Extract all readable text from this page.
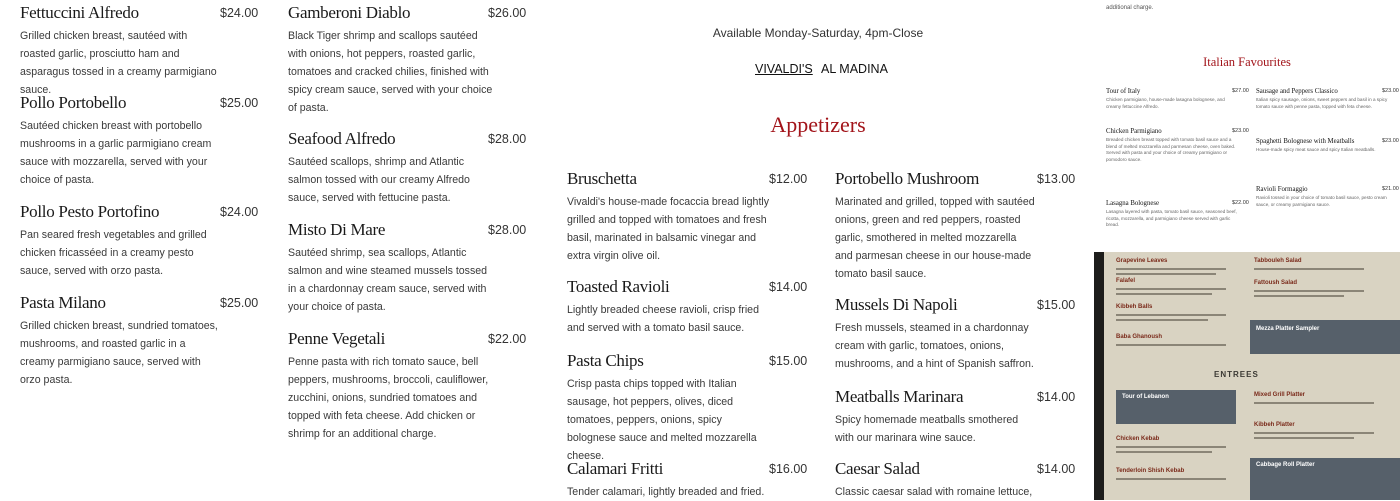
Available Monday-Saturday, 4pm-Close
VIVALDI'S AL MADINA
Appetizers
Fettuccini Alfredo	$24.00
Grilled chicken breast, sautéed with roasted garlic, prosciutto ham and asparagus tossed in a creamy parmigiano sauce.
Pollo Portobello	$25.00
Sautéed chicken breast with portobello mushrooms in a garlic parmigiano cream sauce with mozzarella, served with your choice of pasta.
Pollo Pesto Portofino	$24.00
Pan seared fresh vegetables and grilled chicken fricasséed in a creamy pesto sauce, served with orzo pasta.
Pasta Milano	$25.00
Grilled chicken breast, sundried tomatoes, mushrooms, and roasted garlic in a creamy parmigiano sauce, served with orzo pasta.
Gamberoni Diablo	$26.00
Black Tiger shrimp and scallops sautéed with onions, hot peppers, roasted garlic, tomatoes and cracked chilies, finished with spicy cream sauce, served with your choice of pasta.
Seafood Alfredo	$28.00
Sautéed scallops, shrimp and Atlantic salmon tossed with our creamy Alfredo sauce, served with fettucine pasta.
Misto Di Mare	$28.00
Sautéed shrimp, sea scallops, Atlantic salmon and wine steamed mussels tossed in a chardonnay cream sauce, served with your choice of pasta.
Penne Vegetali	$22.00
Penne pasta with rich tomato sauce, bell peppers, mushrooms, broccoli, cauliflower, zucchini, onions, sundried tomatoes and topped with feta cheese. Add chicken or shrimp for an additional charge.
Bruschetta	$12.00
Vivaldi's house-made focaccia bread lightly grilled and topped with tomatoes and fresh basil, marinated in balsamic vinegar and extra virgin olive oil.
Toasted Ravioli	$14.00
Lightly breaded cheese ravioli, crisp fried and served with a tomato basil sauce.
Pasta Chips	$15.00
Crisp pasta chips topped with Italian sausage, hot peppers, olives, diced tomatoes, peppers, onions, spicy bolognese sauce and melted mozzarella cheese.
Calamari Fritti	$16.00
Tender calamari, lightly breaded and fried.
Portobello Mushroom	$13.00
Marinated and grilled, topped with sautéed onions, green and red peppers, roasted garlic, smothered in melted mozzarella and parmesan cheese in our house-made tomato basil sauce.
Mussels Di Napoli	$15.00
Fresh mussels, steamed in a chardonnay cream with garlic, tomatoes, onions, mushrooms, and a hint of Spanish saffron.
Meatballs Marinara	$14.00
Spicy homemade meatballs smothered with our marinara wine sauce.
Caesar Salad	$14.00
Classic caesar salad with romaine lettuce,
additional charge.
Italian Favourites
Tour of Italy	$27.00
Chicken parmigiano, house-made lasagna bolognese, and creamy fettuccine Alfredo.
Chicken Parmigiano	$23.00
Breaded chicken breast topped with tomato basil sauce and a blend of melted mozzarella and parmesan cheese, oven baked. Served with pasta and your choice of creamy parmigiano or pomodoro sauce.
Lasagna Bolognese	$22.00
Lasagna layered with pasta, tomato basil sauce, seasoned beef, ricotta, mozzarella, and parmigiano cheese served with garlic bread.
Sausage and Peppers Classico	$23.00
Italian spicy sausage, onions, sweet peppers and basil in a spicy tomato sauce with penne pasta, topped with feta cheese.
Spaghetti Bolognese with Meatballs	$23.00
House-made spicy meat sauce and spicy Italian meatballs.
Ravioli Formaggio	$21.00
Ravioli tossed in your choice of tomato basil sauce, pesto cream sauce, or creamy parmigiano sauce.
Grapevine Leaves
Falafel
Kibbeh Balls
Baba Ghanoush
Tabbouleh Salad
Fattoush Salad
Mezza Platter Sampler
ENTREES
Tour of Lebanon
Chicken Kebab
Tenderloin Shish Kebab
Mixed Grill Platter
Kibbeh Platter
Cabbage Roll Platter
